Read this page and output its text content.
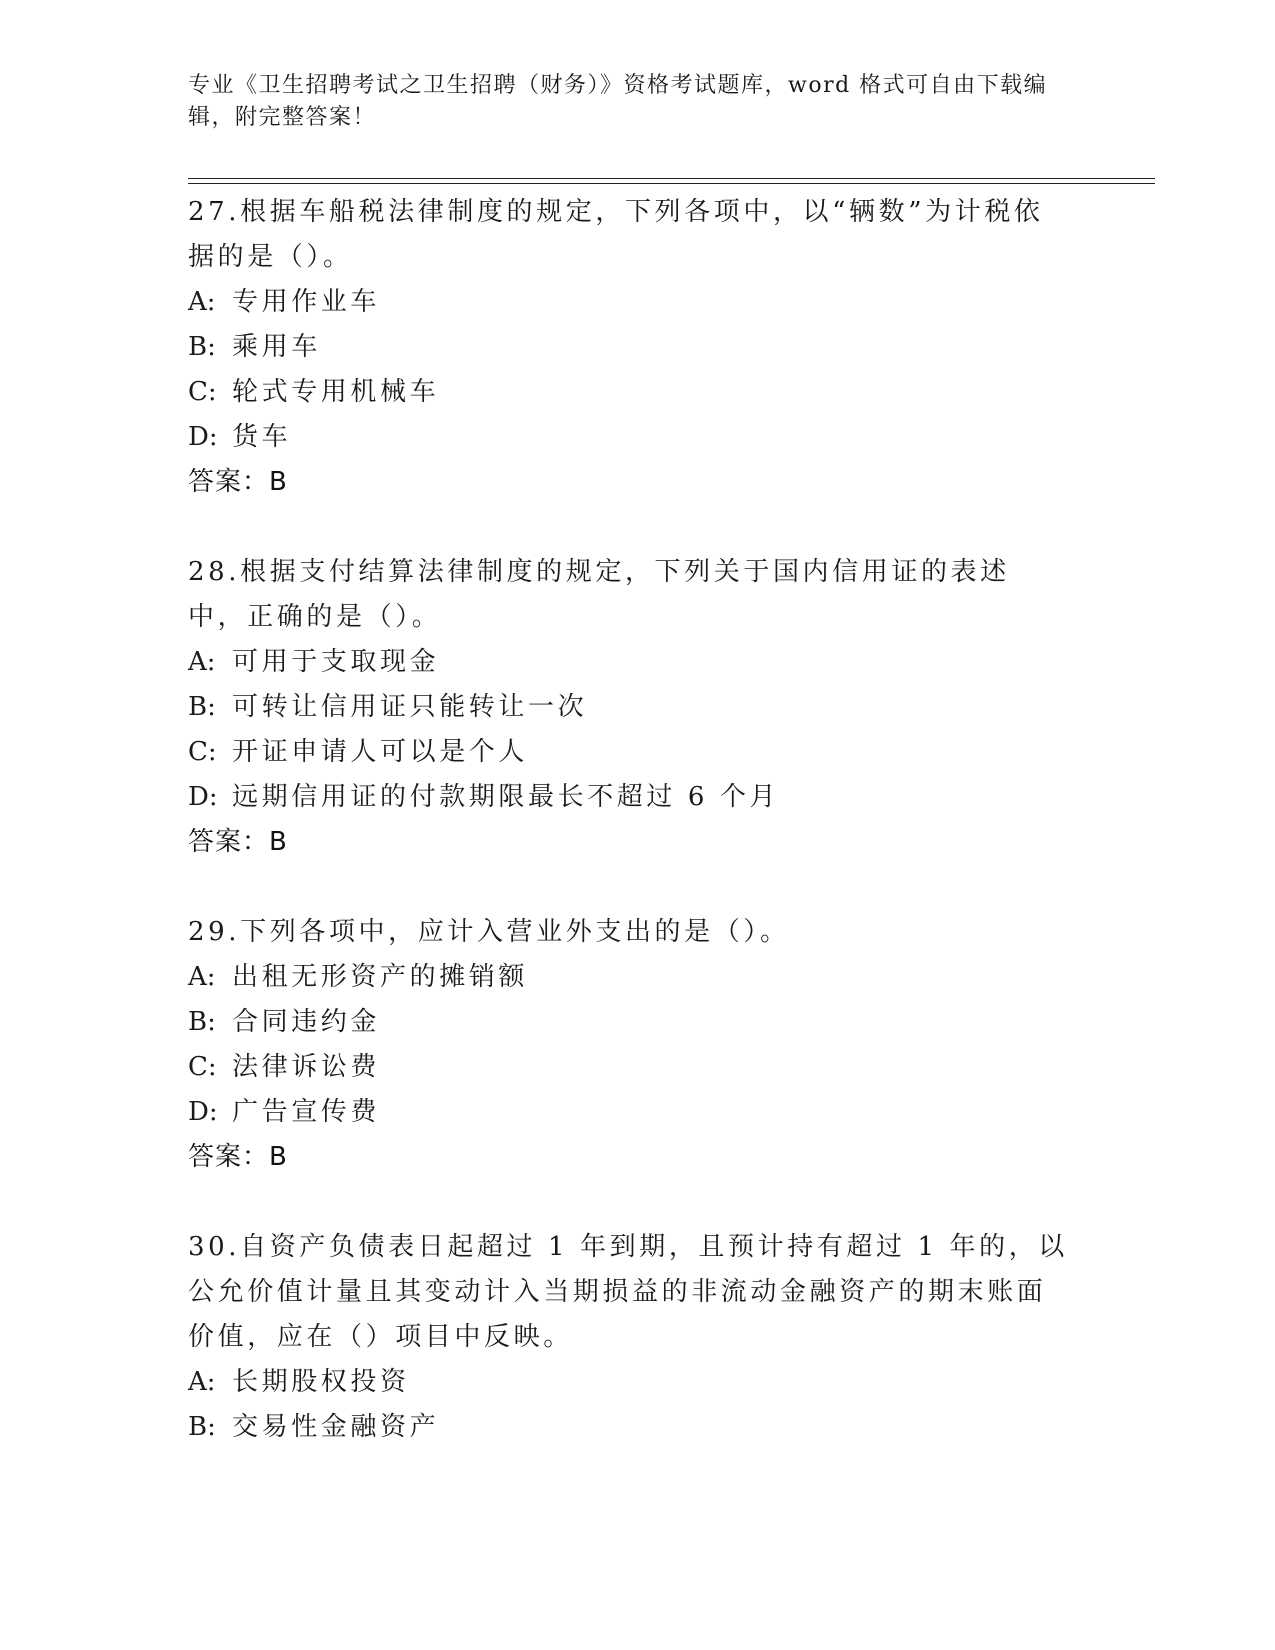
专业《卫生招聘考试之卫生招聘（财务）》资格考试题库，word 格式可自由下载编辑，附完整答案！

27.根据车船税法律制度的规定，下列各项中，以“辆数”为计税依据的是（）。

A: 专用作业车

B: 乘用车

C: 轮式专用机械车

D: 货车

答案：B

28.根据支付结算法律制度的规定，下列关于国内信用证的表述中，正确的是（）。

A: 可用于支取现金

B: 可转让信用证只能转让一次

C: 开证申请人可以是个人

D: 远期信用证的付款期限最长不超过 6 个月

答案：B

29.下列各项中，应计入营业外支出的是（）。

A: 出租无形资产的摊销额

B: 合同违约金

C: 法律诉讼费

D: 广告宣传费

答案：B

30.自资产负债表日起超过 1 年到期，且预计持有超过 1 年的，以公允价值计量且其变动计入当期损益的非流动金融资产的期末账面价值，应在（）项目中反映。

A: 长期股权投资

B: 交易性金融资产
